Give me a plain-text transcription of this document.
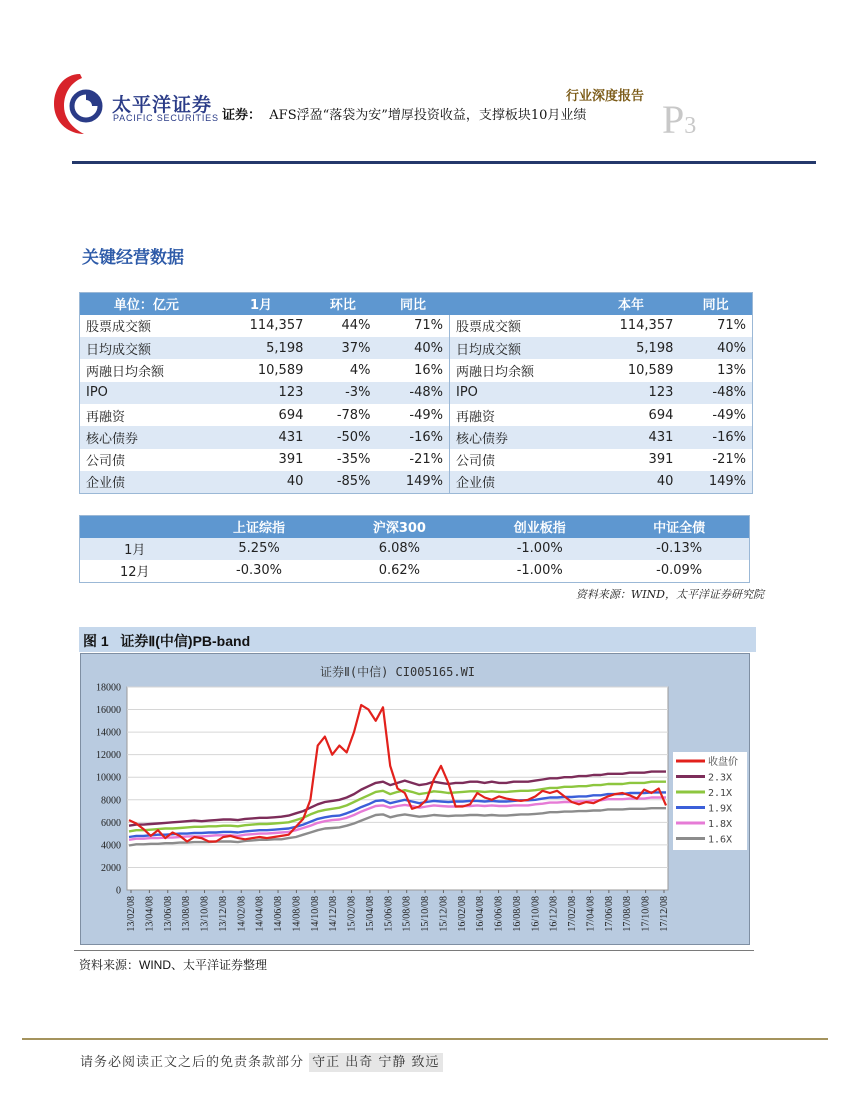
太平洋证券
PACIFIC SECURITIES
行业深度报告
证券： AFS浮盈“落袋为安”增厚投资收益，支撑板块10月业绩 P3
关键经营数据
单位：亿元	1月	环比	同比		本年	同比
股票成交额	114,357	44%	71%	股票成交额	114,357	71%
日均成交额	5,198	37%	40%	日均成交额	5,198	40%
两融日均余额	10,589	4%	16%	两融日均余额	10,589	13%
IPO	123	-3%	-48%	IPO	123	-48%
再融资	694	-78%	-49%	再融资	694	-49%
核心债券	431	-50%	-16%	核心债券	431	-16%
公司债	391	-35%	-21%	公司债	391	-21%
企业债	40	-85%	149%	企业债	40	149%
	上证综指	沪深300	创业板指	中证全债
1月	5.25%	6.08%	-1.00%	-0.13%
12月	-0.30%	0.62%	-1.00%	-0.09%
资料来源：WIND，太平洋证券研究院
图 1 证券Ⅱ(中信)PB-band
证券Ⅱ(中信) CI005165.WI
0
2000
4000
6000
8000
10000
12000
14000
16000
18000
13/02/08 13/04/08 13/06/08 13/08/08 13/10/08 13/12/08 14/02/08 14/04/08 14/06/08 14/08/08 14/10/08 14/12/08 15/02/08 15/04/08 15/06/08 15/08/08 15/10/08 15/12/08 16/02/08 16/04/08 16/06/08 16/08/08 16/10/08 16/12/08 17/02/08 17/04/08 17/06/08 17/08/08 17/10/08 17/12/08
收盘价
2.3X
2.1X
1.9X
1.8X
1.6X
资料来源：WIND、太平洋证券整理
请务必阅读正文之后的免责条款部分 守正 出奇 宁静 致远
